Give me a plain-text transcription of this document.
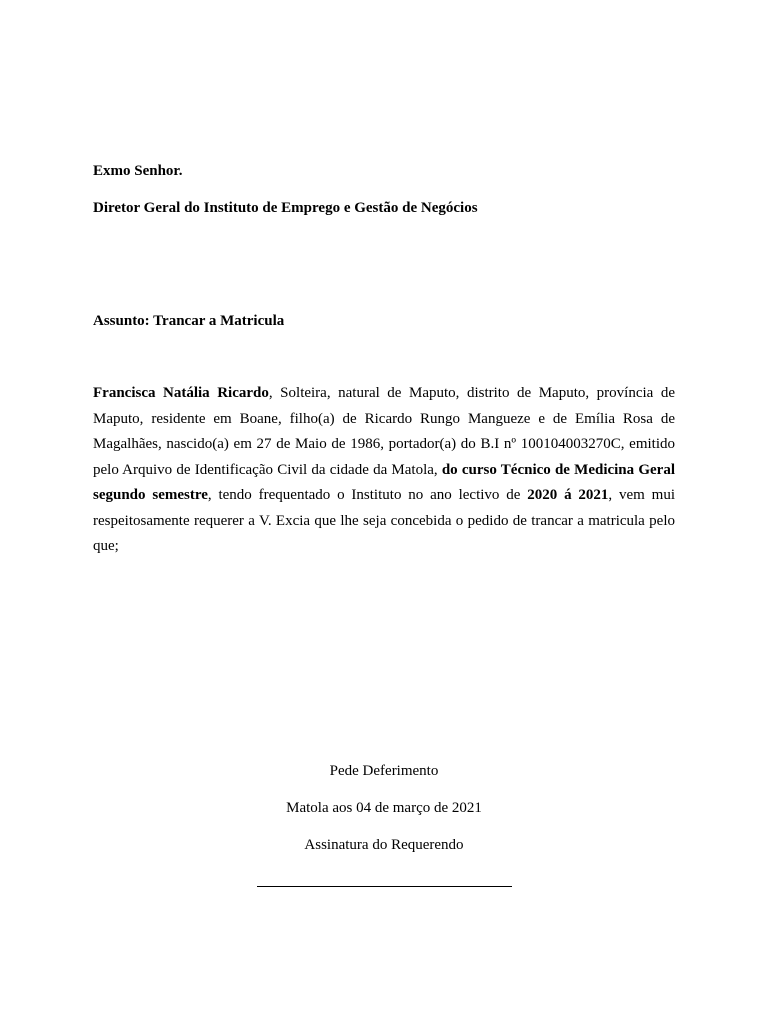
Exmo Senhor.

Diretor Geral do Instituto de Emprego e Gestão de Negócios

Assunto: Trancar a Matricula

Francisca Natália Ricardo, Solteira, natural de Maputo, distrito de Maputo, província de Maputo, residente em Boane, filho(a) de Ricardo Rungo Mangueze e de Emília Rosa de Magalhães, nascido(a) em 27 de Maio de 1986, portador(a) do B.I nº 100104003270C, emitido pelo Arquivo de Identificação Civil da cidade da Matola, do curso Técnico de Medicina Geral segundo semestre, tendo frequentado o Instituto no ano lectivo de 2020 á 2021, vem mui respeitosamente requerer a V. Excia que lhe seja concebida o pedido de trancar a matricula pelo que;

Pede Deferimento

Matola aos 04 de março de 2021

Assinatura do Requerendo
